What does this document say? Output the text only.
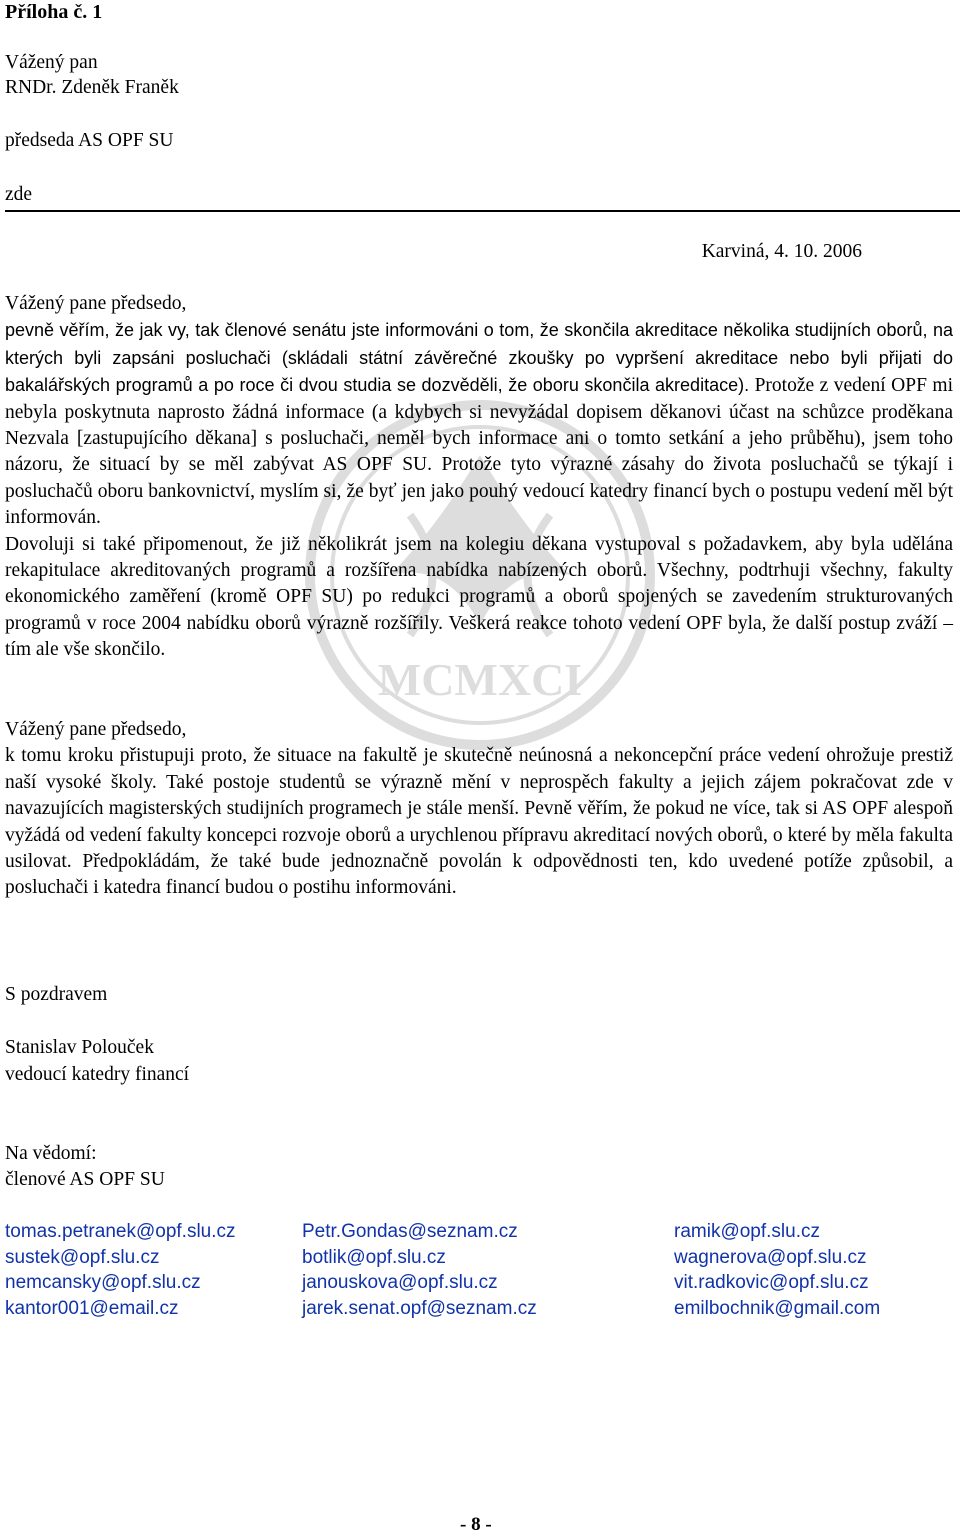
MCMXCI
Příloha č. 1
Vážený pan
RNDr. Zdeněk Franěk
předseda AS OPF SU
zde
Karviná, 4. 10. 2006
Vážený pane předsedo,
pevně věřím, že jak vy, tak členové senátu jste informováni o tom, že skončila akreditace několika studijních oborů, na kterých byli zapsáni posluchači (skládali státní závěrečné zkoušky po vypršení akreditace nebo byli přijati do bakalářských programů a po roce či dvou studia se dozvěděli, že oboru skončila akreditace). Protože z vedení OPF mi nebyla poskytnuta naprosto žádná informace (a kdybych si nevyžádal dopisem děkanovi účast na schůzce proděkana Nezvala [zastupujícího děkana] s posluchači, neměl bych informace ani o tomto setkání a jeho průběhu), jsem toho názoru, že situací by se měl zabývat AS OPF SU. Protože tyto výrazné zásahy do života posluchačů se týkají i posluchačů oboru bankovnictví, myslím si, že byť jen jako pouhý vedoucí katedry financí bych o postupu vedení měl být informován.
Dovoluji si také připomenout, že již několikrát jsem na kolegiu děkana vystupoval s požadavkem, aby byla udělána rekapitulace akreditovaných programů a rozšířena nabídka nabízených oborů. Všechny, podtrhuji všechny, fakulty ekonomického zaměření (kromě OPF SU) po redukci programů a oborů spojených se zavedením strukturovaných programů v roce 2004 nabídku oborů výrazně rozšířily. Veškerá reakce tohoto vedení OPF byla, že další postup zváží – tím ale vše skončilo.
Vážený pane předsedo,
k tomu kroku přistupuji proto, že situace na fakultě je skutečně neúnosná a nekoncepční práce vedení ohrožuje prestiž naší vysoké školy. Také postoje studentů se výrazně mění v neprospěch fakulty a jejich zájem pokračovat zde v navazujících magisterských studijních programech je stále menší. Pevně věřím, že pokud ne více, tak si AS OPF alespoň vyžádá od vedení fakulty koncepci rozvoje oborů a urychlenou přípravu akreditací nových oborů, o které by měla fakulta usilovat. Předpokládám, že také bude jednoznačně povolán k odpovědnosti ten, kdo uvedené potíže způsobil, a posluchači i katedra financí budou o postihu informováni.
S pozdravem
Stanislav Polouček
vedoucí katedry financí
Na vědomí:
členové AS OPF SU
tomas.petranek@opf.slu.cz
sustek@opf.slu.cz
nemcansky@opf.slu.cz
kantor001@email.cz
Petr.Gondas@seznam.cz
botlik@opf.slu.cz
janouskova@opf.slu.cz
jarek.senat.opf@seznam.cz
ramik@opf.slu.cz
wagnerova@opf.slu.cz
vit.radkovic@opf.slu.cz
emilbochnik@gmail.com
- 8 -
